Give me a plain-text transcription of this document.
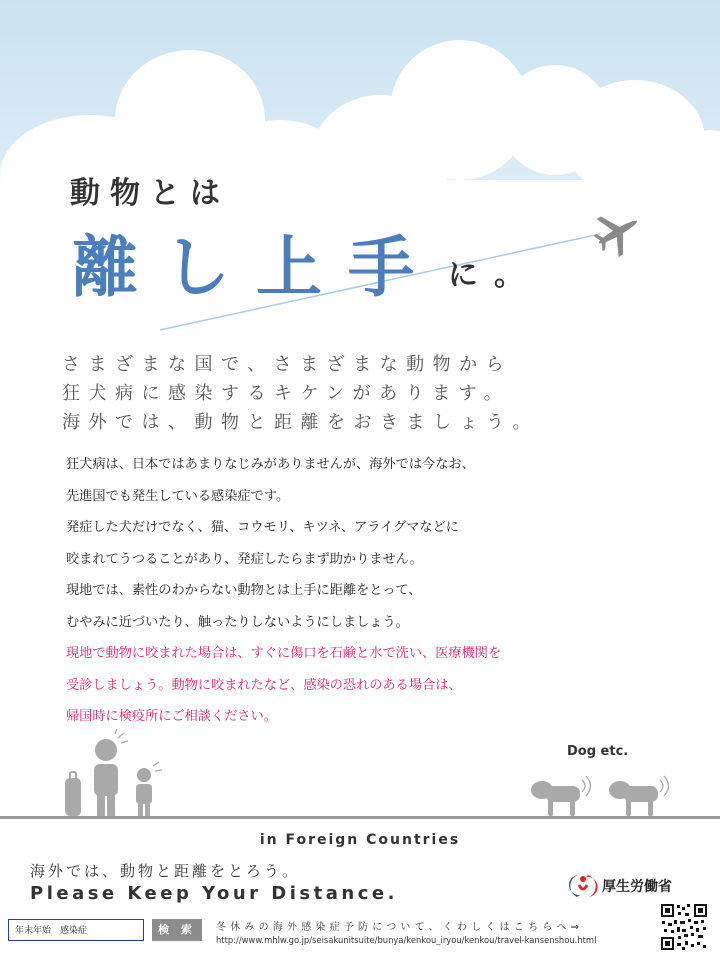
動物とは
離し上手 に。
さまざまな国で、さまざまな動物から
狂犬病に感染するキケンがあります。
海外では、動物と距離をおきましょう。
狂犬病は、日本ではあまりなじみがありませんが、海外では今なお、
先進国でも発生している感染症です。
発症した犬だけでなく、猫、コウモリ、キツネ、アライグマなどに
咬まれてうつることがあり、発症したらまず助かりません。
現地では、素性のわからない動物とは上手に距離をとって、
むやみに近づいたり、触ったりしないようにしましょう。
現地で動物に咬まれた場合は、すぐに傷口を石鹸と水で洗い、医療機関を
受診しましょう。動物に咬まれたなど、感染の恐れのある場合は、
帰国時に検疫所にご相談ください。
Dog etc.
in Foreign Countries
海外では、動物と距離をとろう。
Please Keep Your Distance.	厚生労働省
年末年始　感染症	検 索	冬休みの海外感染症予防について、くわしくはこちらへ⇒
http://www.mhlw.go.jp/seisakunitsuite/bunya/kenkou_iryou/kenkou/travel-kansenshou.html
